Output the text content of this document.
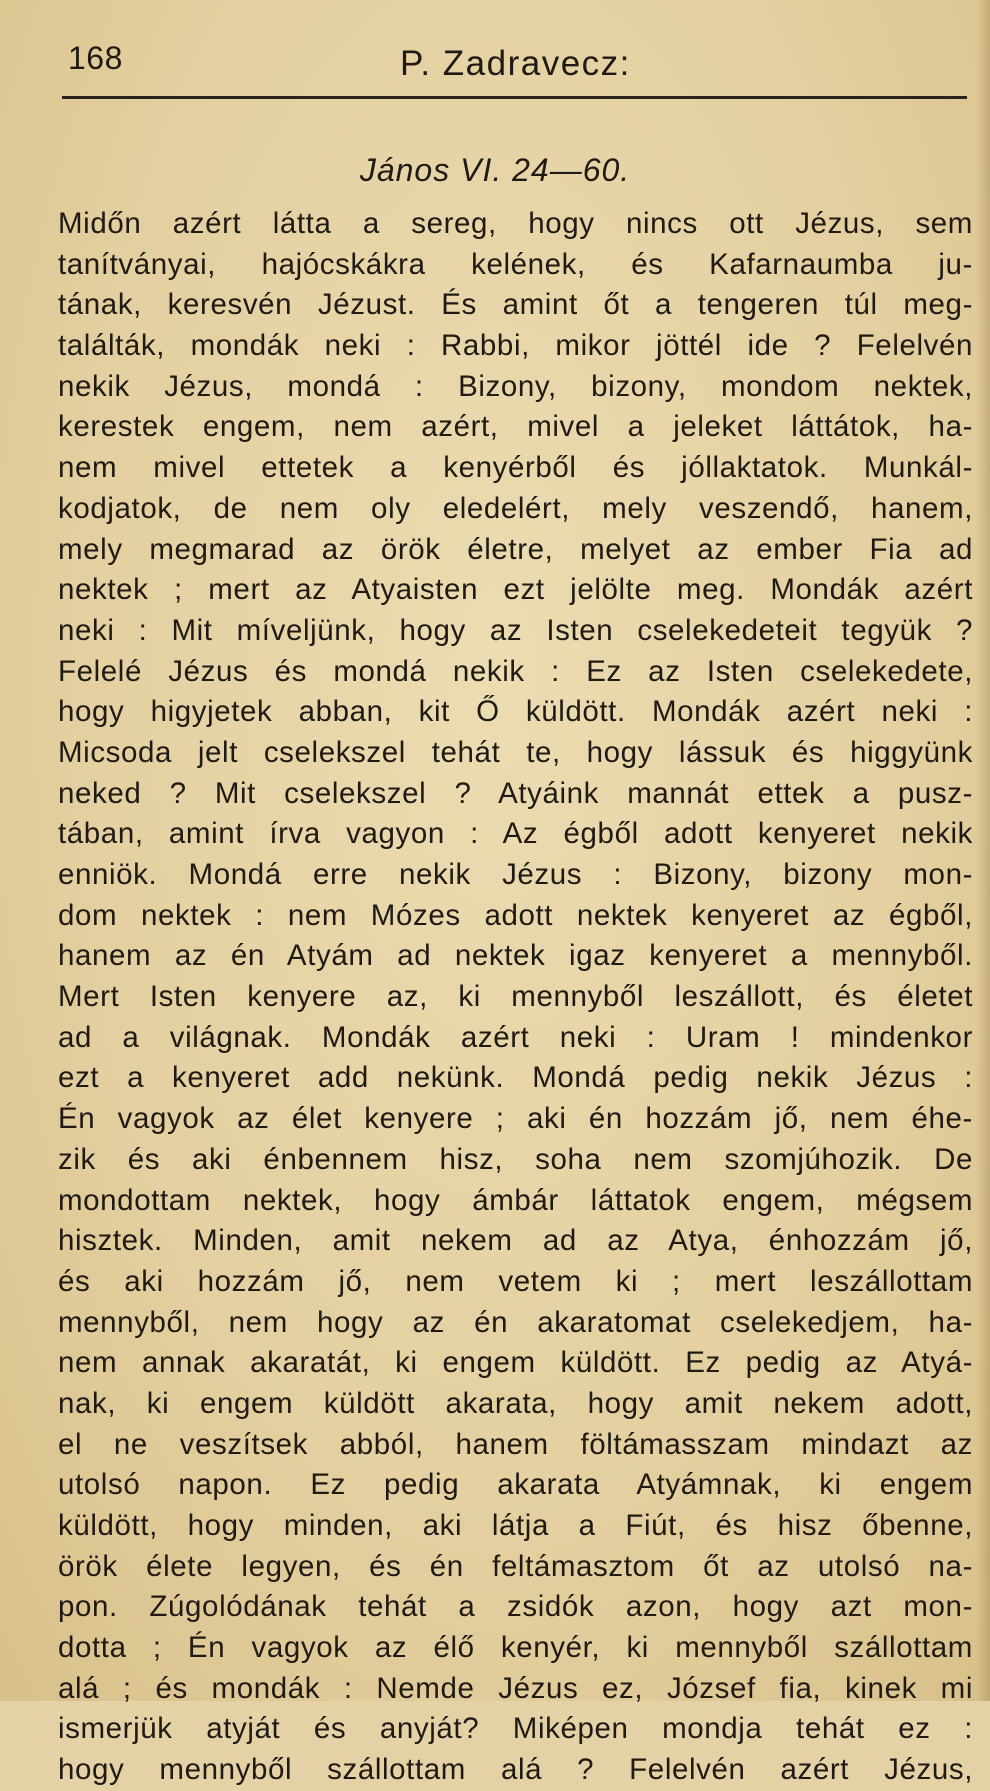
168	P. Zadravecz:
János VI. 24—60.
Midőn azért látta a sereg, hogy nincs ott Jézus, sem
tanítványai, hajócskákra kelének, és Kafarnaumba ju-
tának, keresvén Jézust. És amint őt a tengeren túl meg-
találták, mondák neki : Rabbi, mikor jöttél ide ? Felelvén
nekik Jézus, mondá : Bizony, bizony, mondom nektek,
kerestek engem, nem azért, mivel a jeleket láttátok, ha-
nem mivel ettetek a kenyérből és jóllaktatok. Munkál-
kodjatok, de nem oly eledelért, mely veszendő, hanem,
mely megmarad az örök életre, melyet az ember Fia ad
nektek ; mert az Atyaisten ezt jelölte meg. Mondák azért
neki : Mit míveljünk, hogy az Isten cselekedeteit tegyük ?
Felelé Jézus és mondá nekik : Ez az Isten cselekedete,
hogy higyjetek abban, kit Ő küldött. Mondák azért neki :
Micsoda jelt cselekszel tehát te, hogy lássuk és higgyünk
neked ? Mit cselekszel ? Atyáink mannát ettek a pusz-
tában, amint írva vagyon : Az égből adott kenyeret nekik
enniök. Mondá erre nekik Jézus : Bizony, bizony mon-
dom nektek : nem Mózes adott nektek kenyeret az égből,
hanem az én Atyám ad nektek igaz kenyeret a mennyből.
Mert Isten kenyere az, ki mennyből leszállott, és életet
ad a világnak. Mondák azért neki : Uram ! mindenkor
ezt a kenyeret add nekünk. Mondá pedig nekik Jézus :
Én vagyok az élet kenyere ; aki én hozzám jő, nem éhe-
zik és aki énbennem hisz, soha nem szomjúhozik. De
mondottam nektek, hogy ámbár láttatok engem, mégsem
hisztek. Minden, amit nekem ad az Atya, énhozzám jő,
és aki hozzám jő, nem vetem ki ; mert leszállottam
mennyből, nem hogy az én akaratomat cselekedjem, ha-
nem annak akaratát, ki engem küldött. Ez pedig az Atyá-
nak, ki engem küldött akarata, hogy amit nekem adott,
el ne veszítsek abból, hanem föltámasszam mindazt az
utolsó napon. Ez pedig akarata Atyámnak, ki engem
küldött, hogy minden, aki látja a Fiút, és hisz őbenne,
örök élete legyen, és én feltámasztom őt az utolsó na-
pon. Zúgolódának tehát a zsidók azon, hogy azt mon-
dotta ; Én vagyok az élő kenyér, ki mennyből szállottam
alá ; és mondák : Nemde Jézus ez, József fia, kinek mi
ismerjük atyját és anyját? Miképen mondja tehát ez :
hogy mennyből szállottam alá ? Felelvén azért Jézus,
